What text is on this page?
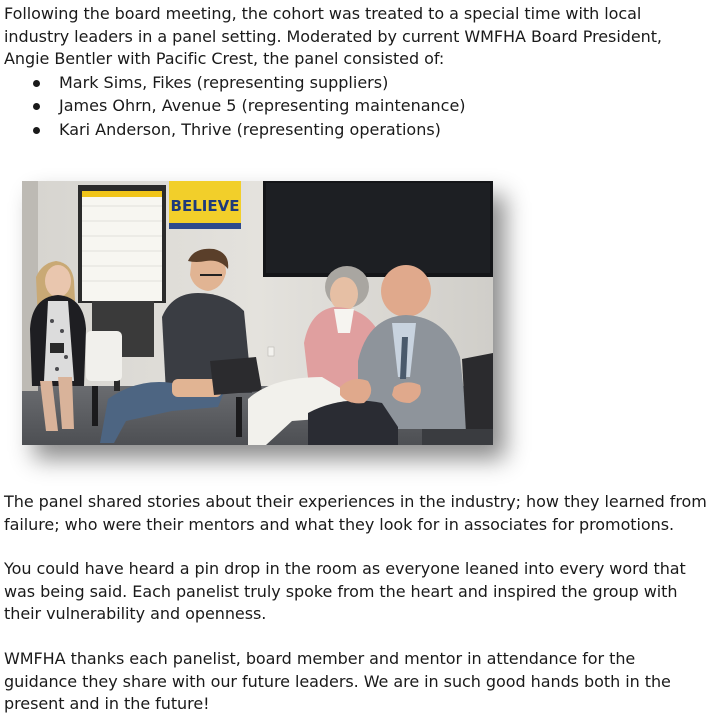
Following the board meeting, the cohort was treated to a special time with local industry leaders in a panel setting. Moderated by current WMFHA Board President, Angie Bentler with Pacific Crest, the panel consisted of:

Mark Sims, Fikes (representing suppliers)
James Ohrn, Avenue 5 (representing maintenance)
Kari Anderson, Thrive (representing operations)
BELIEVE

The panel shared stories about their experiences in the industry; how they learned from failure; who were their mentors and what they look for in associates for promotions.

You could have heard a pin drop in the room as everyone leaned into every word that was being said. Each panelist truly spoke from the heart and inspired the group with their vulnerability and openness.

WMFHA thanks each panelist, board member and mentor in attendance for the guidance they share with our future leaders. We are in such good hands both in the present and in the future!
